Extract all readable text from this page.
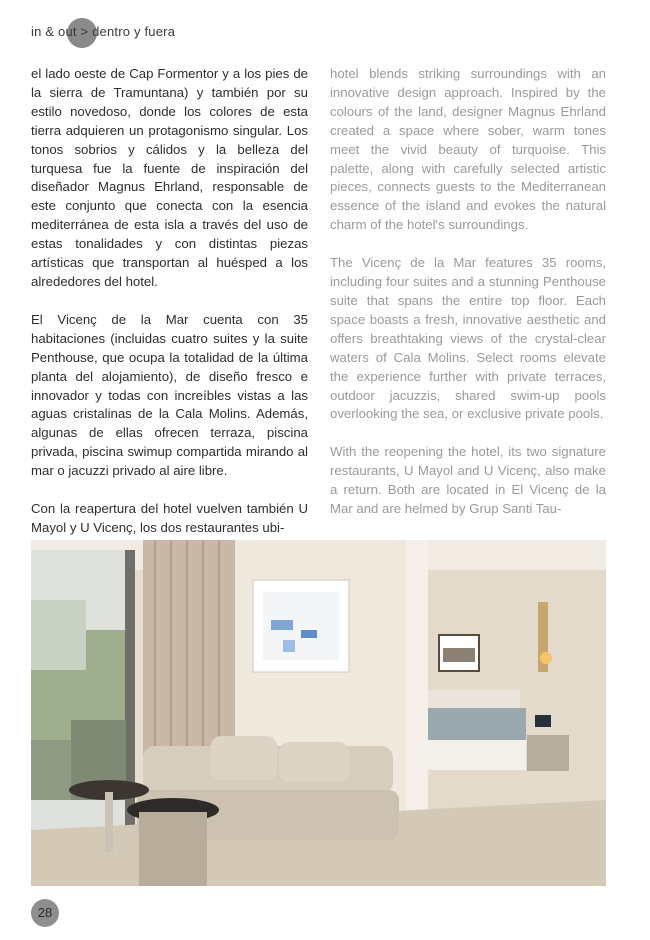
in & out > dentro y fuera

el lado oeste de Cap Formentor y a los pies de la sierra de Tramuntana) y también por su estilo novedoso, donde los colores de esta tierra adquieren un protagonismo singular. Los tonos sobrios y cálidos y la belleza del turquesa fue la fuente de inspiración del diseñador Magnus Ehrland, responsable de este conjunto que conecta con la esencia mediterránea de esta isla a través del uso de estas tonalidades y con distintas piezas artísticas que transportan al huésped a los alrededores del hotel.

El Vicenç de la Mar cuenta con 35 habitaciones (incluidas cuatro suites y la suite Penthouse, que ocupa la totalidad de la última planta del alojamiento), de diseño fresco e innovador y todas con increíbles vistas a las aguas cristalinas de la Cala Molins. Además, algunas de ellas ofrecen terraza, piscina privada, piscina swimup compartida mirando al mar o jacuzzi privado al aire libre.

Con la reapertura del hotel vuelven también U Mayol y U Vicenç, los dos restaurantes ubi-

hotel blends striking surroundings with an innovative design approach. Inspired by the colours of the land, designer Magnus Ehrland created a space where sober, warm tones meet the vivid beauty of turquoise. This palette, along with carefully selected artistic pieces, connects guests to the Mediterranean essence of the island and evokes the natural charm of the hotel's surroundings.

The Vicenç de la Mar features 35 rooms, including four suites and a stunning Penthouse suite that spans the entire top floor. Each space boasts a fresh, innovative aesthetic and offers breathtaking views of the crystal-clear waters of Cala Molins. Select rooms elevate the experience further with private terraces, outdoor jacuzzis, shared swim-up pools overlooking the sea, or exclusive private pools.

With the reopening the hotel, its two signature restaurants, U Mayol and U Vicenç, also make a return. Both are located in El Vicenç de la Mar and are helmed by Grup Santi Tau-

28
